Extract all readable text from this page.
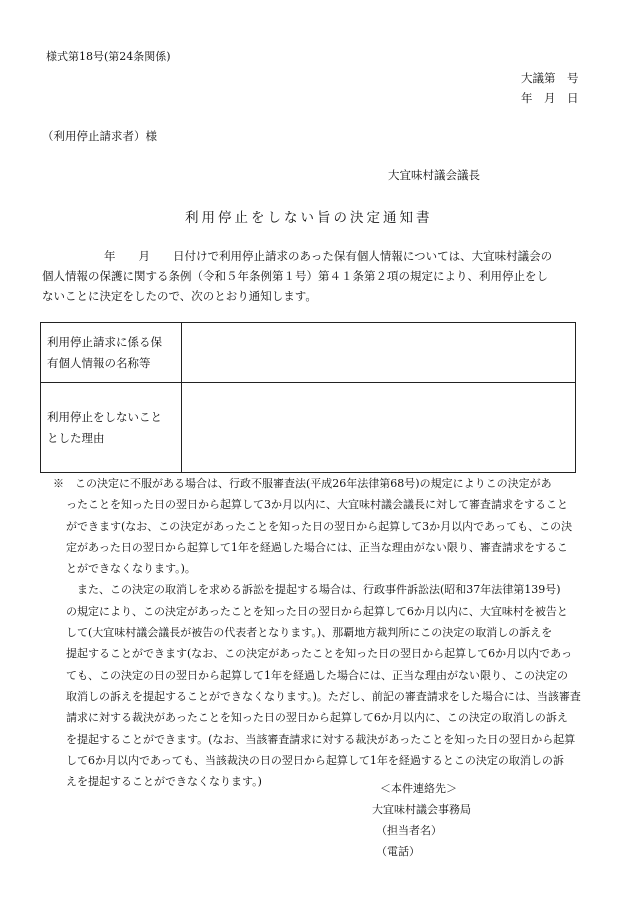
様式第18号(第24条関係)
大議第　号
年　月　日
（利用停止請求者）様
大宜味村議会議長
利用停止をしない旨の決定通知書
年　　月　　日付けで利用停止請求のあった保有個人情報については、大宜味村議会の
個人情報の保護に関する条例（令和５年条例第１号）第４１条第２項の規定により、利用停止をし
ないことに決定をしたので、次のとおり通知します。
利用停止請求に係る保
有個人情報の名称等	

利用停止をしないこと
とした理由	

※　この決定に不服がある場合は、行政不服審査法(平成26年法律第68号)の規定によりこの決定があ
ったことを知った日の翌日から起算して3か月以内に、大宜味村議会議長に対して審査請求をすること
ができます(なお、この決定があったことを知った日の翌日から起算して3か月以内であっても、この決
定があった日の翌日から起算して1年を経過した場合には、正当な理由がない限り、審査請求をするこ
とができなくなります。)。
また、この決定の取消しを求める訴訟を提起する場合は、行政事件訴訟法(昭和37年法律第139号)
の規定により、この決定があったことを知った日の翌日から起算して6か月以内に、大宜味村を被告と
して(大宜味村議会議長が被告の代表者となります。)、那覇地方裁判所にこの決定の取消しの訴えを
提起することができます(なお、この決定があったことを知った日の翌日から起算して6か月以内であっ
ても、この決定の日の翌日から起算して1年を経過した場合には、正当な理由がない限り、この決定の
取消しの訴えを提起することができなくなります。)。ただし、前記の審査請求をした場合には、当該審査
請求に対する裁決があったことを知った日の翌日から起算して6か月以内に、この決定の取消しの訴え
を提起することができます。(なお、当該審査請求に対する裁決があったことを知った日の翌日から起算
して6か月以内であっても、当該裁決の日の翌日から起算して1年を経過するとこの決定の取消しの訴
えを提起することができなくなります。)
＜本件連絡先＞
大宜味村議会事務局
（担当者名）
（電話）
